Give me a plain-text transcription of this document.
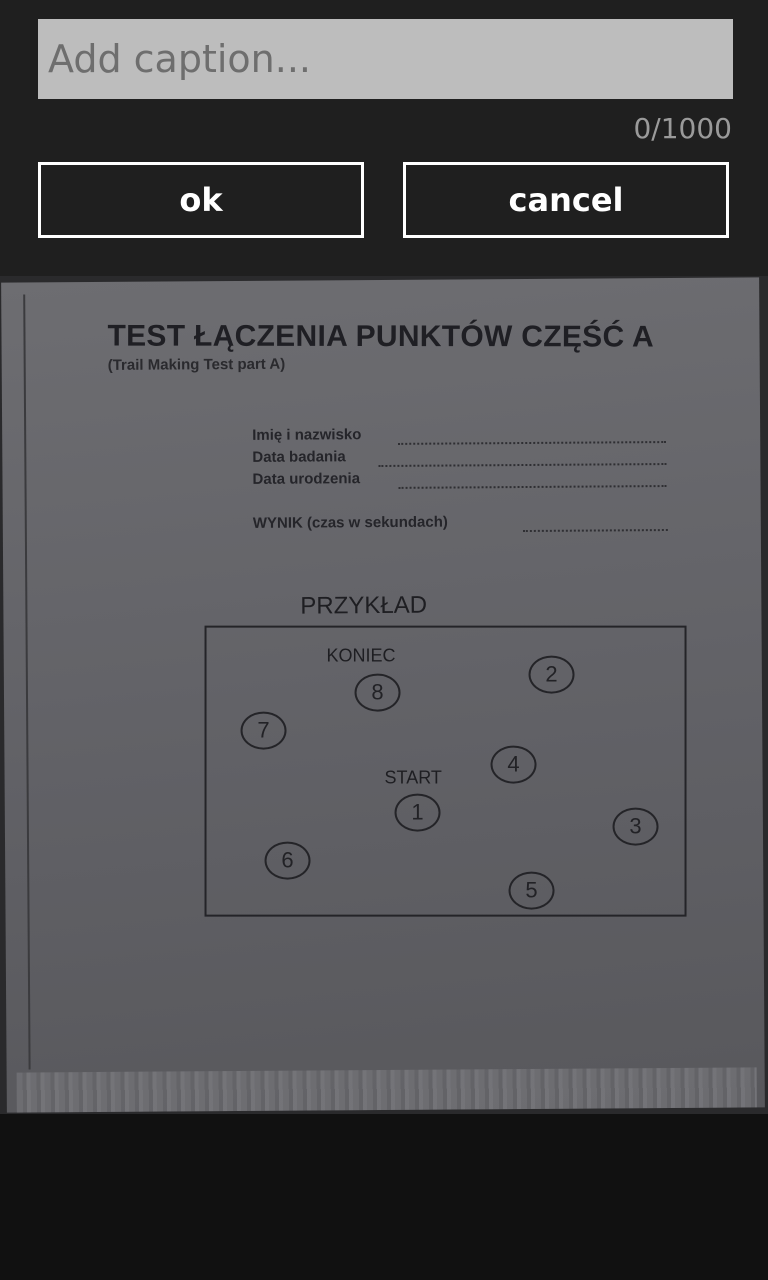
Add caption...
0/1000
ok	cancel
TEST ŁĄCZENIA PUNKTÓW CZĘŚĆ A
(Trail Making Test part A)
Imię i nazwisko
Data badania
Data urodzenia
WYNIK (czas w sekundach)
PRZYKŁAD
KONIEC
START
1
2
3
4
5
6
7
8
